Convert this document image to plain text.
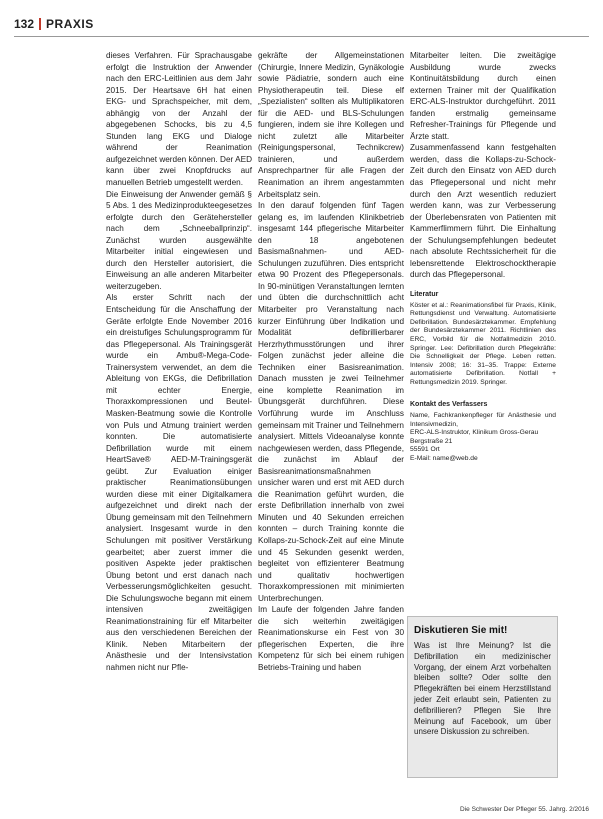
132 PRAXIS

dieses Verfahren. Für Sprachausgabe erfolgt die Instruktion der Anwender nach den ERC-Leitlinien aus dem Jahr 2015. Der Heartsave 6H hat einen EKG- und Sprachspeicher, mit dem, abhängig von der Anzahl der abgegebenen Schocks, bis zu 4,5 Stunden lang EKG und Dialoge während der Reanimation aufgezeichnet werden können. Der AED kann über zwei Knopfdrucks auf manuellen Betrieb umgestellt werden.

Die Einweisung der Anwender gemäß § 5 Abs. 1 des Medizinprodukteegesetzes erfolgte durch den Gerätehersteller nach dem „Schneeballprinzip“. Zunächst wurden ausgewählte Mitarbeiter initial eingewiesen und durch den Hersteller autorisiert, die Einweisung an alle anderen Mitarbeiter weiterzugeben.

Als erster Schritt nach der Entscheidung für die Anschaffung der Geräte erfolgte Ende November 2016 ein dreistufiges Schulungsprogramm für das Pflegepersonal. Als Trainingsgerät wurde ein Ambu®-Mega-Code-Trainersystem verwendet, an dem die Ableitung von EKGs, die Defibrillation mit echter Energie, Thoraxkompressionen und Beutel-Masken-Beatmung sowie die Kontrolle von Puls und Atmung trainiert werden konnten. Die automatisierte Defibrillation wurde mit einem HeartSave® AED-M-Trainingsgerät geübt. Zur Evaluation einiger praktischer Reanimationsübungen wurden diese mit einer Digitalkamera aufgezeichnet und direkt nach der Übung gemeinsam mit den Teilnehmern analysiert. Insgesamt wurde in den Schulungen mit positiver Verstärkung gearbeitet; aber zuerst immer die positiven Aspekte jeder praktischen Übung betont und erst danach nach Verbesserungsmöglichkeiten gesucht. Die Schulungswoche begann mit einem intensiven zweitägigen Reanimationstraining für elf Mitarbeiter aus den verschiedenen Bereichen der Klinik. Neben Mitarbeitern der Anästhesie und der Intensivstation nahmen nicht nur Pfle-

gekräfte der Allgemeinstationen (Chirurgie, Innere Medizin, Gynäkologie sowie Pädiatrie, sondern auch eine Physiotherapeutin teil. Diese elf „Spezialisten“ sollten als Multiplikatoren für die AED- und BLS-Schulungen fungieren, indem sie ihre Kollegen und nicht zuletzt alle Mitarbeiter (Reinigungspersonal, Technikcrew) trainieren, und außerdem Ansprechpartner für alle Fragen der Reanimation an ihrem angestammten Arbeitsplatz sein.

In den darauf folgenden fünf Tagen gelang es, im laufenden Klinikbetrieb insgesamt 144 pflegerische Mitarbeiter den 18 angebotenen Basismaßnahmen- und AED-Schulungen zuzuführen. Dies entspricht etwa 90 Prozent des Pflegepersonals. In 90-minütigen Veranstaltungen lernten und übten die durchschnittlich acht Mitarbeiter pro Veranstaltung nach kurzer Einführung über Indikation und Modalität defibrillierbarer Herzrhythmusstörungen und ihrer Folgen zunächst jeder alleine die Techniken einer Basisreanimation. Danach mussten je zwei Teilnehmer eine komplette Reanimation im Übungsgerät durchführen. Diese Vorführung wurde im Anschluss gemeinsam mit Trainer und Teilnehmern analysiert. Mittels Videoanalyse konnte nachgewiesen werden, dass Pflegende, die zunächst im Ablauf der Basisreanimationsmaßnahmen unsicher waren und erst mit AED durch die Reanimation geführt wurden, die erste Defibrillation innerhalb von zwei Minuten und 40 Sekunden erreichen konnten – durch Training konnte die Kollaps-zu-Schock-Zeit auf eine Minute und 45 Sekunden gesenkt werden, begleitet von effizienterer Beatmung und qualitativ hochwertigen Thoraxkompressionen mit minimierten Unterbrechungen.

Im Laufe der folgenden Jahre fanden die sich weiterhin zweitägigen Reanimationskurse ein Fest von 30 pflegerischen Experten, die ihre Kompetenz für sich bei einem ruhigen Betriebs-Training und haben

Mitarbeiter leiten. Die zweitägige Ausbildung wurde zwecks Kontinuitätsbildung durch einen externen Trainer mit der Qualifikation ERC-ALS-Instruktor durchgeführt. 2011 fanden erstmalig gemeinsame Refresher-Trainings für Pflegende und Ärzte statt.

Zusammenfassend kann festgehalten werden, dass die Kollaps-zu-Schock-Zeit durch den Einsatz von AED durch das Pflegepersonal und nicht mehr durch den Arzt wesentlich reduziert werden kann, was zur Verbesserung der Überlebensraten von Patienten mit Kammerflimmern führt. Die Einhaltung der Schulungsempfehlungen bedeutet nach absolute Rechtssicherheit für die lebensrettende Elektroschocktherapie durch das Pflegepersonal.

Literatur
Köster et al.: Reanimationsfibel für Praxis, Klinik, Rettungsdienst und Verwaltung. Automatisierte Defibrillation. Bundesärztekammer. Empfehlung der Bundesärztekammer 2011. Richtlinien des ERC, Vorbild für die Notfallmedizin 2010. Springer. Lee: Defibrillation durch Pflegekräfte: Die Schnelligkeit der Pflege. Leben retten. Intensiv 2008; 16: 31–35. Trappe: Externe automatisierte Defibrillation. Notfall + Rettungsmedizin 2019. Springer.
Kontakt des Verfassers
Name, Fachkrankenpfleger für Anästhesie und Intensivmedizin,
ERC-ALS-Instruktor, Klinikum Gross-Gerau
Bergstraße 21
55591 Ort
E-Mail: name@web.de
Diskutieren Sie mit!
Was ist Ihre Meinung? Ist die Defibrillation ein medizinischer Vorgang, der einem Arzt vorbehalten bleiben sollte? Oder sollte den Pflegekräften bei einem Herzstillstand jeder Zeit erlaubt sein, Patienten zu defibrillieren? Pflegen Sie Ihre Meinung auf Facebook, um über unsere Diskussion zu schreiben.
Die Schwester Der Pfleger 55. Jahrg. 2/2016
